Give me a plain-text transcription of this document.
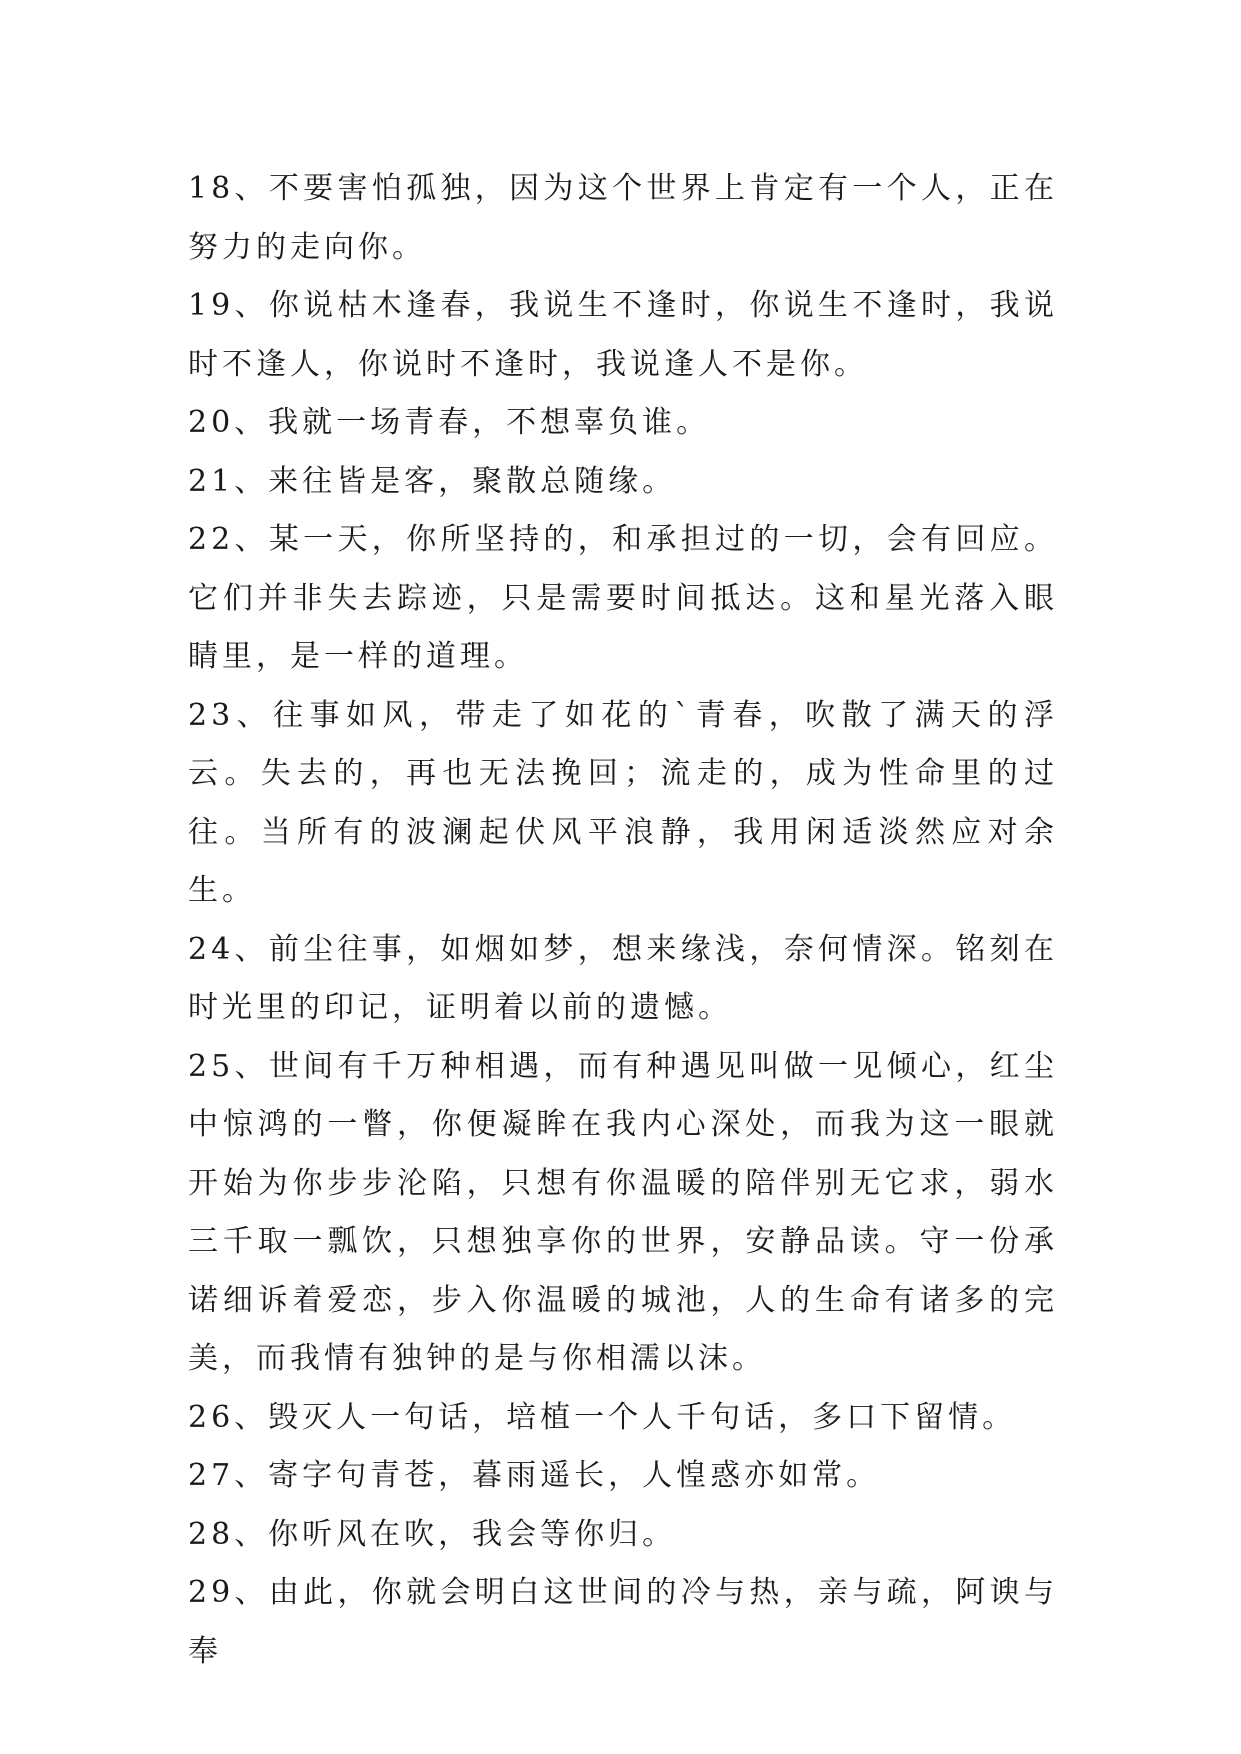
18、不要害怕孤独，因为这个世界上肯定有一个人，正在努力的走向你。

19、你说枯木逢春，我说生不逢时，你说生不逢时，我说时不逢人，你说时不逢时，我说逢人不是你。

20、我就一场青春，不想辜负谁。

21、来往皆是客，聚散总随缘。

22、某一天，你所坚持的，和承担过的一切，会有回应。它们并非失去踪迹，只是需要时间抵达。这和星光落入眼睛里，是一样的道理。

23、往事如风，带走了如花的`青春，吹散了满天的浮云。失去的，再也无法挽回；流走的，成为性命里的过往。当所有的波澜起伏风平浪静，我用闲适淡然应对余生。

24、前尘往事，如烟如梦，想来缘浅，奈何情深。铭刻在时光里的印记，证明着以前的遗憾。

25、世间有千万种相遇，而有种遇见叫做一见倾心，红尘中惊鸿的一瞥，你便凝眸在我内心深处，而我为这一眼就开始为你步步沦陷，只想有你温暖的陪伴别无它求，弱水三千取一瓢饮，只想独享你的世界，安静品读。守一份承诺细诉着爱恋，步入你温暖的城池，人的生命有诸多的完美，而我情有独钟的是与你相濡以沫。

26、毁灭人一句话，培植一个人千句话，多口下留情。

27、寄字句青苍，暮雨遥长，人惶惑亦如常。

28、你听风在吹，我会等你归。

29、由此，你就会明白这世间的冷与热，亲与疏，阿谀与奉
